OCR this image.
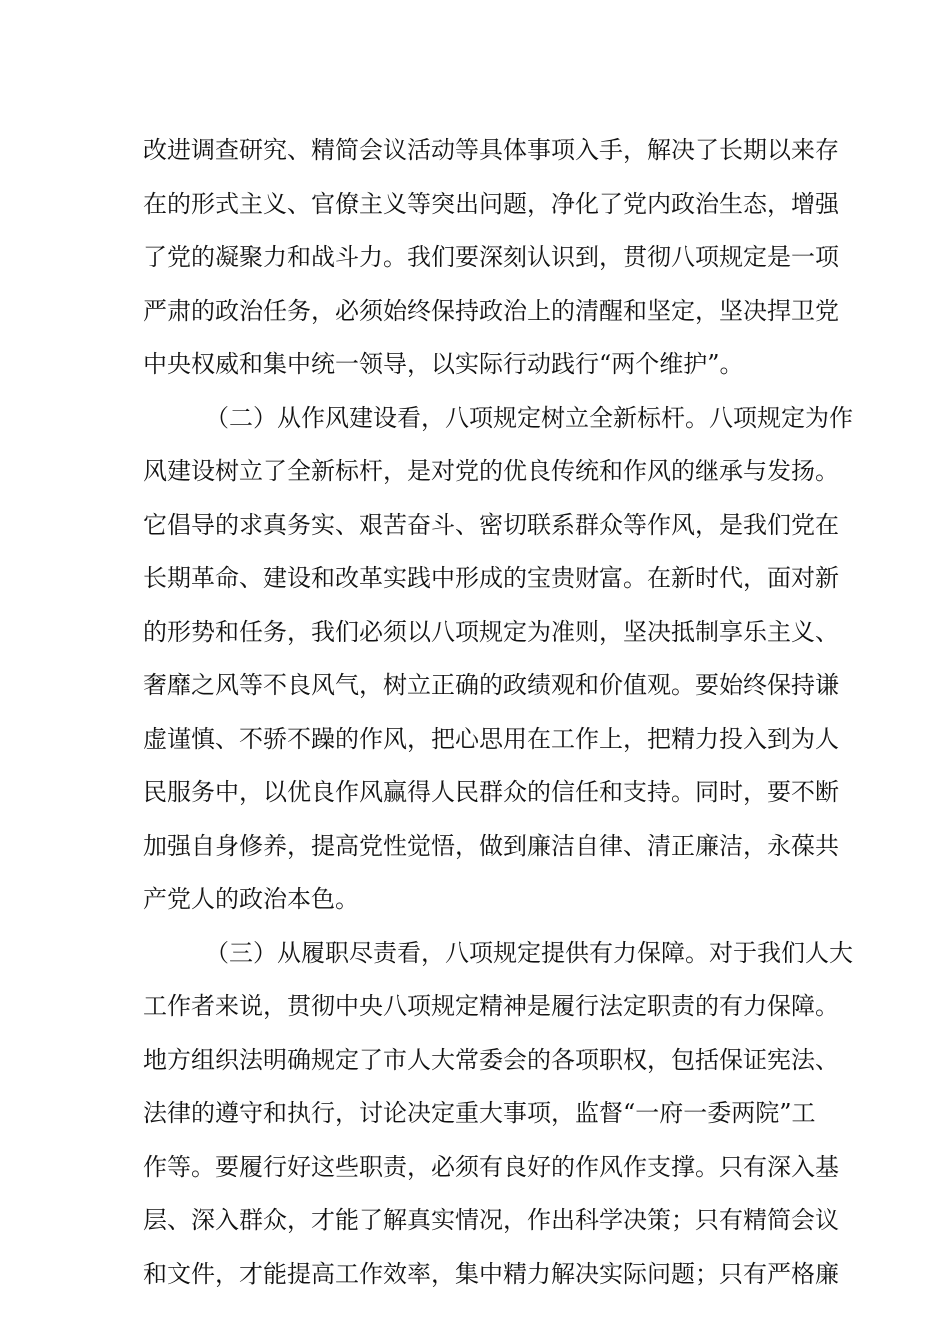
改进调查研究、精简会议活动等具体事项入手，解决了长期以来存
在的形式主义、官僚主义等突出问题，净化了党内政治生态，增强
了党的凝聚力和战斗力。我们要深刻认识到，贯彻八项规定是一项
严肃的政治任务，必须始终保持政治上的清醒和坚定，坚决捍卫党
中央权威和集中统一领导，以实际行动践行“两个维护”。
（二）从作风建设看，八项规定树立全新标杆。八项规定为作
风建设树立了全新标杆，是对党的优良传统和作风的继承与发扬。
它倡导的求真务实、艰苦奋斗、密切联系群众等作风，是我们党在
长期革命、建设和改革实践中形成的宝贵财富。在新时代，面对新
的形势和任务，我们必须以八项规定为准则，坚决抵制享乐主义、
奢靡之风等不良风气，树立正确的政绩观和价值观。要始终保持谦
虚谨慎、不骄不躁的作风，把心思用在工作上，把精力投入到为人
民服务中，以优良作风赢得人民群众的信任和支持。同时，要不断
加强自身修养，提高党性觉悟，做到廉洁自律、清正廉洁，永葆共
产党人的政治本色。
（三）从履职尽责看，八项规定提供有力保障。对于我们人大
工作者来说，贯彻中央八项规定精神是履行法定职责的有力保障。
地方组织法明确规定了市人大常委会的各项职权，包括保证宪法、
法律的遵守和执行，讨论决定重大事项，监督“一府一委两院”工
作等。要履行好这些职责，必须有良好的作风作支撑。只有深入基
层、深入群众，才能了解真实情况，作出科学决策；只有精简会议
和文件，才能提高工作效率，集中精力解决实际问题；只有严格廉
